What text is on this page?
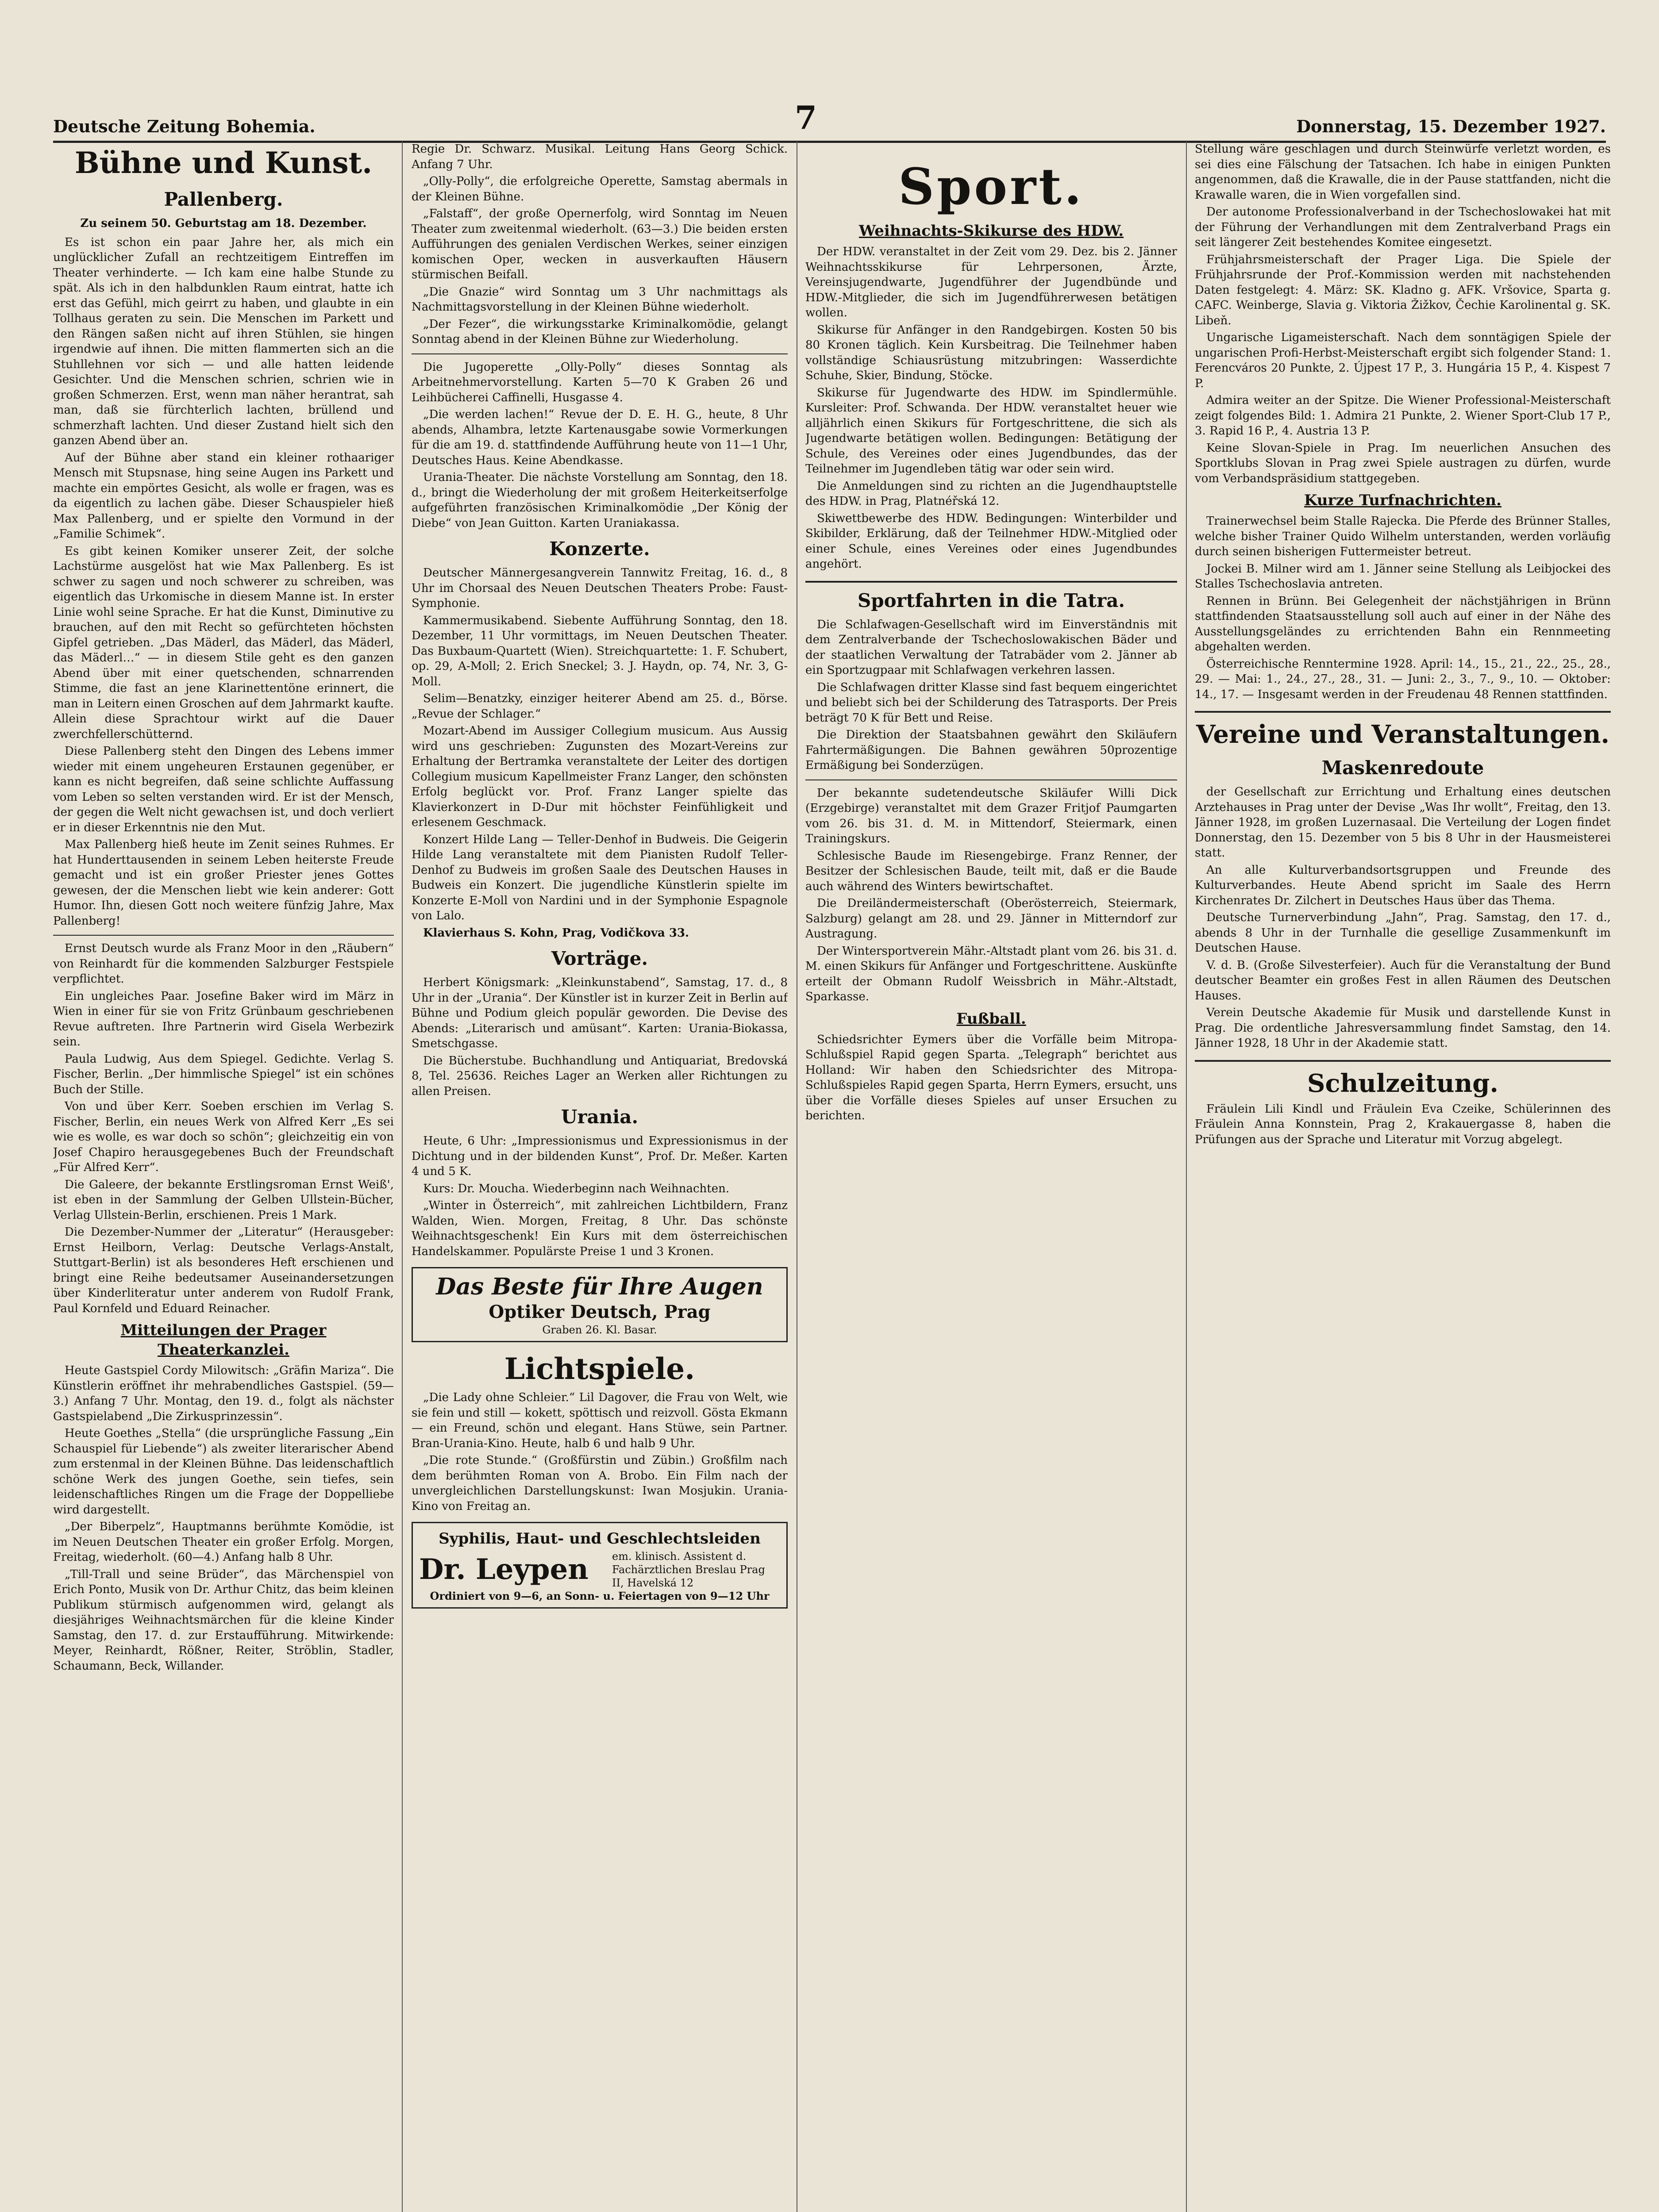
Deutsche Zeitung Bohemia.	7	Donnerstag, 15. Dezember 1927.
Bühne und Kunst.
Pallenberg.
Zu seinem 50. Geburtstag am 18. Dezember.

Es ist schon ein paar Jahre her, als mich ein unglücklicher Zufall an rechtzeitigem Eintreffen im Theater verhinderte. — Ich kam eine halbe Stunde zu spät. Als ich in den halbdunklen Raum eintrat, hatte ich erst das Gefühl, mich geirrt zu haben, und glaubte in ein Tollhaus geraten zu sein. Die Menschen im Parkett und den Rängen saßen nicht auf ihren Stühlen, sie hingen irgendwie auf ihnen. Die mitten flammerten sich an die Stuhllehnen vor sich — und alle hatten leidende Gesichter. Und die Menschen schrien, schrien wie in großen Schmerzen. Erst, wenn man näher herantrat, sah man, daß sie fürchterlich lachten, brüllend und schmerzhaft lachten. Und dieser Zustand hielt sich den ganzen Abend über an.

Auf der Bühne aber stand ein kleiner rothaariger Mensch mit Stupsnase, hing seine Augen ins Parkett und machte ein empörtes Gesicht, als wolle er fragen, was es da eigentlich zu lachen gäbe. Dieser Schauspieler hieß Max Pallenberg, und er spielte den Vormund in der „Familie Schimek“.

Es gibt keinen Komiker unserer Zeit, der solche Lachstürme ausgelöst hat wie Max Pallenberg. Es ist schwer zu sagen und noch schwerer zu schreiben, was eigentlich das Urkomische in diesem Manne ist. In erster Linie wohl seine Sprache. Er hat die Kunst, Diminutive zu brauchen, auf den mit Recht so gefürchteten höchsten Gipfel getrieben. „Das Mäderl, das Mäderl, das Mäderl, das Mäderl…“ — in diesem Stile geht es den ganzen Abend über mit einer quetschenden, schnarrenden Stimme, die fast an jene Klarinettentöne erinnert, die man in Leitern einen Groschen auf dem Jahrmarkt kaufte. Allein diese Sprachtour wirkt auf die Dauer zwerchfellerschütternd.

Diese Pallenberg steht den Dingen des Lebens immer wieder mit einem ungeheuren Erstaunen gegenüber, er kann es nicht begreifen, daß seine schlichte Auffassung vom Leben so selten verstanden wird. Er ist der Mensch, der gegen die Welt nicht gewachsen ist, und doch verliert er in dieser Erkenntnis nie den Mut.

Max Pallenberg hieß heute im Zenit seines Ruhmes. Er hat Hunderttausenden in seinem Leben heiterste Freude gemacht und ist ein großer Priester jenes Gottes gewesen, der die Menschen liebt wie kein anderer: Gott Humor. Ihn, diesen Gott noch weitere fünfzig Jahre, Max Pallenberg!

Ernst Deutsch wurde als Franz Moor in den „Räubern“ von Reinhardt für die kommenden Salzburger Festspiele verpflichtet.

Ein ungleiches Paar. Josefine Baker wird im März in Wien in einer für sie von Fritz Grünbaum geschriebenen Revue auftreten. Ihre Partnerin wird Gisela Werbezirk sein.

Paula Ludwig, Aus dem Spiegel. Gedichte. Verlag S. Fischer, Berlin. „Der himmlische Spiegel“ ist ein schönes Buch der Stille.

Von und über Kerr. Soeben erschien im Verlag S. Fischer, Berlin, ein neues Werk von Alfred Kerr „Es sei wie es wolle, es war doch so schön“; gleichzeitig ein von Josef Chapiro herausgegebenes Buch der Freundschaft „Für Alfred Kerr“.

Die Galeere, der bekannte Erstlingsroman Ernst Weiß', ist eben in der Sammlung der Gelben Ullstein-Bücher, Verlag Ullstein-Berlin, erschienen. Preis 1 Mark.

Die Dezember-Nummer der „Literatur“ (Herausgeber: Ernst Heilborn, Verlag: Deutsche Verlags-Anstalt, Stuttgart-Berlin) ist als besonderes Heft erschienen und bringt eine Reihe bedeutsamer Auseinandersetzungen über Kinderliteratur unter anderem von Rudolf Frank, Paul Kornfeld und Eduard Reinacher.

Mitteilungen der Prager Theaterkanzlei.

Heute Gastspiel Cordy Milowitsch: „Gräfin Mariza“. Die Künstlerin eröffnet ihr mehrabendliches Gastspiel. (59—3.) Anfang 7 Uhr. Montag, den 19. d., folgt als nächster Gastspielabend „Die Zirkusprinzessin“.

Heute Goethes „Stella“ (die ursprüngliche Fassung „Ein Schauspiel für Liebende“) als zweiter literarischer Abend zum erstenmal in der Kleinen Bühne. Das leidenschaftlich schöne Werk des jungen Goethe, sein tiefes, sein leidenschaftliches Ringen um die Frage der Doppelliebe wird dargestellt.

„Der Biberpelz“, Hauptmanns berühmte Komödie, ist im Neuen Deutschen Theater ein großer Erfolg. Morgen, Freitag, wiederholt. (60—4.) Anfang halb 8 Uhr.

„Till-Trall und seine Brüder“, das Märchenspiel von Erich Ponto, Musik von Dr. Arthur Chitz, das beim kleinen Publikum stürmisch aufgenommen wird, gelangt als diesjähriges Weihnachtsmärchen für die kleine Kinder Samstag, den 17. d. zur Erstaufführung. Mitwirkende: Meyer, Reinhardt, Rößner, Reiter, Ströblin, Stadler, Schaumann, Beck, Willander.

Regie Dr. Schwarz. Musikal. Leitung Hans Georg Schick. Anfang 7 Uhr.

„Olly-Polly“, die erfolgreiche Operette, Samstag abermals in der Kleinen Bühne.

„Falstaff“, der große Opernerfolg, wird Sonntag im Neuen Theater zum zweitenmal wiederholt. (63—3.) Die beiden ersten Aufführungen des genialen Verdischen Werkes, seiner einzigen komischen Oper, wecken in ausverkauften Häusern stürmischen Beifall.

„Die Gnazie“ wird Sonntag um 3 Uhr nachmittags als Nachmittagsvorstellung in der Kleinen Bühne wiederholt.

„Der Fezer“, die wirkungsstarke Kriminalkomödie, gelangt Sonntag abend in der Kleinen Bühne zur Wiederholung.

Die Jugoperette „Olly-Polly“ dieses Sonntag als Arbeitnehmervorstellung. Karten 5—70 K Graben 26 und Leihbücherei Caffinelli, Husgasse 4.

„Die werden lachen!“ Revue der D. E. H. G., heute, 8 Uhr abends, Alhambra, letzte Kartenausgabe sowie Vormerkungen für die am 19. d. stattfindende Aufführung heute von 11—1 Uhr, Deutsches Haus. Keine Abendkasse.

Urania-Theater. Die nächste Vorstellung am Sonntag, den 18. d., bringt die Wiederholung der mit großem Heiterkeitserfolge aufgeführten französischen Kriminalkomödie „Der König der Diebe“ von Jean Guitton. Karten Uraniakassa.

Konzerte.

Deutscher Männergesangverein Tannwitz Freitag, 16. d., 8 Uhr im Chorsaal des Neuen Deutschen Theaters Probe: Faust-Symphonie.

Kammermusikabend. Siebente Aufführung Sonntag, den 18. Dezember, 11 Uhr vormittags, im Neuen Deutschen Theater. Das Buxbaum-Quartett (Wien). Streichquartette: 1. F. Schubert, op. 29, A-Moll; 2. Erich Sneckel; 3. J. Haydn, op. 74, Nr. 3, G-Moll.

Selim—Benatzky, einziger heiterer Abend am 25. d., Börse. „Revue der Schlager.“

Mozart-Abend im Aussiger Collegium musicum. Aus Aussig wird uns geschrieben: Zugunsten des Mozart-Vereins zur Erhaltung der Bertramka veranstaltete der Leiter des dortigen Collegium musicum Kapellmeister Franz Langer, den schönsten Erfolg beglückt vor. Prof. Franz Langer spielte das Klavierkonzert in D-Dur mit höchster Feinfühligkeit und erlesenem Geschmack.

Konzert Hilde Lang — Teller-Denhof in Budweis. Die Geigerin Hilde Lang veranstaltete mit dem Pianisten Rudolf Teller-Denhof zu Budweis im großen Saale des Deutschen Hauses in Budweis ein Konzert. Die jugendliche Künstlerin spielte im Konzerte E-Moll von Nardini und in der Symphonie Espagnole von Lalo.

Klavierhaus S. Kohn, Prag, Vodičkova 33.

Vorträge.

Herbert Königsmark: „Kleinkunstabend“, Samstag, 17. d., 8 Uhr in der „Urania“. Der Künstler ist in kurzer Zeit in Berlin auf Bühne und Podium gleich populär geworden. Die Devise des Abends: „Literarisch und amüsant“. Karten: Urania-Biokassa, Smetschgasse.

Die Bücherstube. Buchhandlung und Antiquariat, Bredovská 8, Tel. 25636. Reiches Lager an Werken aller Richtungen zu allen Preisen.

Urania.

Heute, 6 Uhr: „Impressionismus und Expressionismus in der Dichtung und in der bildenden Kunst“, Prof. Dr. Meßer. Karten 4 und 5 K.

Kurs: Dr. Moucha. Wiederbeginn nach Weihnachten.

„Winter in Österreich“, mit zahlreichen Lichtbildern, Franz Walden, Wien. Morgen, Freitag, 8 Uhr. Das schönste Weihnachtsgeschenk! Ein Kurs mit dem österreichischen Handelskammer. Populärste Preise 1 und 3 Kronen.

Das Beste für Ihre Augen
Optiker Deutsch, Prag
Graben 26. Kl. Basar.
Lichtspiele.

„Die Lady ohne Schleier.“ Lil Dagover, die Frau von Welt, wie sie fein und still — kokett, spöttisch und reizvoll. Gösta Ekmann — ein Freund, schön und elegant. Hans Stüwe, sein Partner. Bran-Urania-Kino. Heute, halb 6 und halb 9 Uhr.

„Die rote Stunde.“ (Großfürstin und Zübin.) Großfilm nach dem berühmten Roman von A. Brobo. Ein Film nach der unvergleichlichen Darstellungskunst: Iwan Mosjukin. Urania-Kino von Freitag an.

Syphilis, Haut- und Geschlechtsleiden
Dr. Leypen em. klinisch. Assistent d. Fachärztlichen Breslau Prag II, Havelská 12
Ordiniert von 9—6, an Sonn- u. Feiertagen von 9—12 Uhr
Sport.
Weihnachts-Skikurse des HDW.

Der HDW. veranstaltet in der Zeit vom 29. Dez. bis 2. Jänner Weihnachtsskikurse für Lehrpersonen, Ärzte, Vereinsjugendwarte, Jugendführer der Jugendbünde und HDW.-Mitglieder, die sich im Jugendführerwesen betätigen wollen.

Skikurse für Anfänger in den Randgebirgen. Kosten 50 bis 80 Kronen täglich. Kein Kursbeitrag. Die Teilnehmer haben vollständige Schiausrüstung mitzubringen: Wasserdichte Schuhe, Skier, Bindung, Stöcke.

Skikurse für Jugendwarte des HDW. im Spindlermühle. Kursleiter: Prof. Schwanda. Der HDW. veranstaltet heuer wie alljährlich einen Skikurs für Fortgeschrittene, die sich als Jugendwarte betätigen wollen. Bedingungen: Betätigung der Schule, des Vereines oder eines Jugendbundes, das der Teilnehmer im Jugendleben tätig war oder sein wird.

Die Anmeldungen sind zu richten an die Jugendhauptstelle des HDW. in Prag, Platnéřská 12.

Skiwettbewerbe des HDW. Bedingungen: Winterbilder und Skibilder, Erklärung, daß der Teilnehmer HDW.-Mitglied oder einer Schule, eines Vereines oder eines Jugendbundes angehört.

Sportfahrten in die Tatra.

Die Schlafwagen-Gesellschaft wird im Einverständnis mit dem Zentralverbande der Tschechoslowakischen Bäder und der staatlichen Verwaltung der Tatrabäder vom 2. Jänner ab ein Sportzugpaar mit Schlafwagen verkehren lassen.

Die Schlafwagen dritter Klasse sind fast bequem eingerichtet und beliebt sich bei der Schilderung des Tatrasports. Der Preis beträgt 70 K für Bett und Reise.

Die Direktion der Staatsbahnen gewährt den Skiläufern Fahrtermäßigungen. Die Bahnen gewähren 50prozentige Ermäßigung bei Sonderzügen.

Der bekannte sudetendeutsche Skiläufer Willi Dick (Erzgebirge) veranstaltet mit dem Grazer Fritjof Paumgarten vom 26. bis 31. d. M. in Mittendorf, Steiermark, einen Trainingskurs.

Schlesische Baude im Riesengebirge. Franz Renner, der Besitzer der Schlesischen Baude, teilt mit, daß er die Baude auch während des Winters bewirtschaftet.

Die Dreiländermeisterschaft (Oberösterreich, Steiermark, Salzburg) gelangt am 28. und 29. Jänner in Mitterndorf zur Austragung.

Der Wintersportverein Mähr.-Altstadt plant vom 26. bis 31. d. M. einen Skikurs für Anfänger und Fortgeschrittene. Auskünfte erteilt der Obmann Rudolf Weissbrich in Mähr.-Altstadt, Sparkasse.

Fußball.

Schiedsrichter Eymers über die Vorfälle beim Mitropa-Schlußspiel Rapid gegen Sparta. „Telegraph“ berichtet aus Holland: Wir haben den Schiedsrichter des Mitropa-Schlußspieles Rapid gegen Sparta, Herrn Eymers, ersucht, uns über die Vorfälle dieses Spieles auf unser Ersuchen zu berichten.

Stellung wäre geschlagen und durch Steinwürfe verletzt worden, es sei dies eine Fälschung der Tatsachen. Ich habe in einigen Punkten angenommen, daß die Krawalle, die in der Pause stattfanden, nicht die Krawalle waren, die in Wien vorgefallen sind.

Der autonome Professionalverband in der Tschechoslowakei hat mit der Führung der Verhandlungen mit dem Zentralverband Prags ein seit längerer Zeit bestehendes Komitee eingesetzt.

Frühjahrsmeisterschaft der Prager Liga. Die Spiele der Frühjahrsrunde der Prof.-Kommission werden mit nachstehenden Daten festgelegt: 4. März: SK. Kladno g. AFK. Vršovice, Sparta g. CAFC. Weinberge, Slavia g. Viktoria Žižkov, Čechie Karolinental g. SK. Libeň.

Ungarische Ligameisterschaft. Nach dem sonntägigen Spiele der ungarischen Profi-Herbst-Meisterschaft ergibt sich folgender Stand: 1. Ferencváros 20 Punkte, 2. Újpest 17 P., 3. Hungária 15 P., 4. Kispest 7 P.

Admira weiter an der Spitze. Die Wiener Professional-Meisterschaft zeigt folgendes Bild: 1. Admira 21 Punkte, 2. Wiener Sport-Club 17 P., 3. Rapid 16 P., 4. Austria 13 P.

Keine Slovan-Spiele in Prag. Im neuerlichen Ansuchen des Sportklubs Slovan in Prag zwei Spiele austragen zu dürfen, wurde vom Verbandspräsidium stattgegeben.

Kurze Turfnachrichten.

Trainerwechsel beim Stalle Rajecka. Die Pferde des Brünner Stalles, welche bisher Trainer Quido Wilhelm unterstanden, werden vorläufig durch seinen bisherigen Futtermeister betreut.

Jockei B. Milner wird am 1. Jänner seine Stellung als Leibjockei des Stalles Tschechoslavia antreten.

Rennen in Brünn. Bei Gelegenheit der nächstjährigen in Brünn stattfindenden Staatsausstellung soll auch auf einer in der Nähe des Ausstellungsgeländes zu errichtenden Bahn ein Rennmeeting abgehalten werden.

Österreichische Renntermine 1928. April: 14., 15., 21., 22., 25., 28., 29. — Mai: 1., 24., 27., 28., 31. — Juni: 2., 3., 7., 9., 10. — Oktober: 14., 17. — Insgesamt werden in der Freudenau 48 Rennen stattfinden.

Vereine und Veranstaltungen.
Maskenredoute

der Gesellschaft zur Errichtung und Erhaltung eines deutschen Arztehauses in Prag unter der Devise „Was Ihr wollt“, Freitag, den 13. Jänner 1928, im großen Luzernasaal. Die Verteilung der Logen findet Donnerstag, den 15. Dezember von 5 bis 8 Uhr in der Hausmeisterei statt.

An alle Kulturverbandsortsgruppen und Freunde des Kulturverbandes. Heute Abend spricht im Saale des Herrn Kirchenrates Dr. Zilchert in Deutsches Haus über das Thema.

Deutsche Turnerverbindung „Jahn“, Prag. Samstag, den 17. d., abends 8 Uhr in der Turnhalle die gesellige Zusammenkunft im Deutschen Hause.

V. d. B. (Große Silvesterfeier). Auch für die Veranstaltung der Bund deutscher Beamter ein großes Fest in allen Räumen des Deutschen Hauses.

Verein Deutsche Akademie für Musik und darstellende Kunst in Prag. Die ordentliche Jahresversammlung findet Samstag, den 14. Jänner 1928, 18 Uhr in der Akademie statt.

Schulzeitung.

Fräulein Lili Kindl und Fräulein Eva Czeike, Schülerinnen des Fräulein Anna Konnstein, Prag 2, Krakauergasse 8, haben die Prüfungen aus der Sprache und Literatur mit Vorzug abgelegt.
